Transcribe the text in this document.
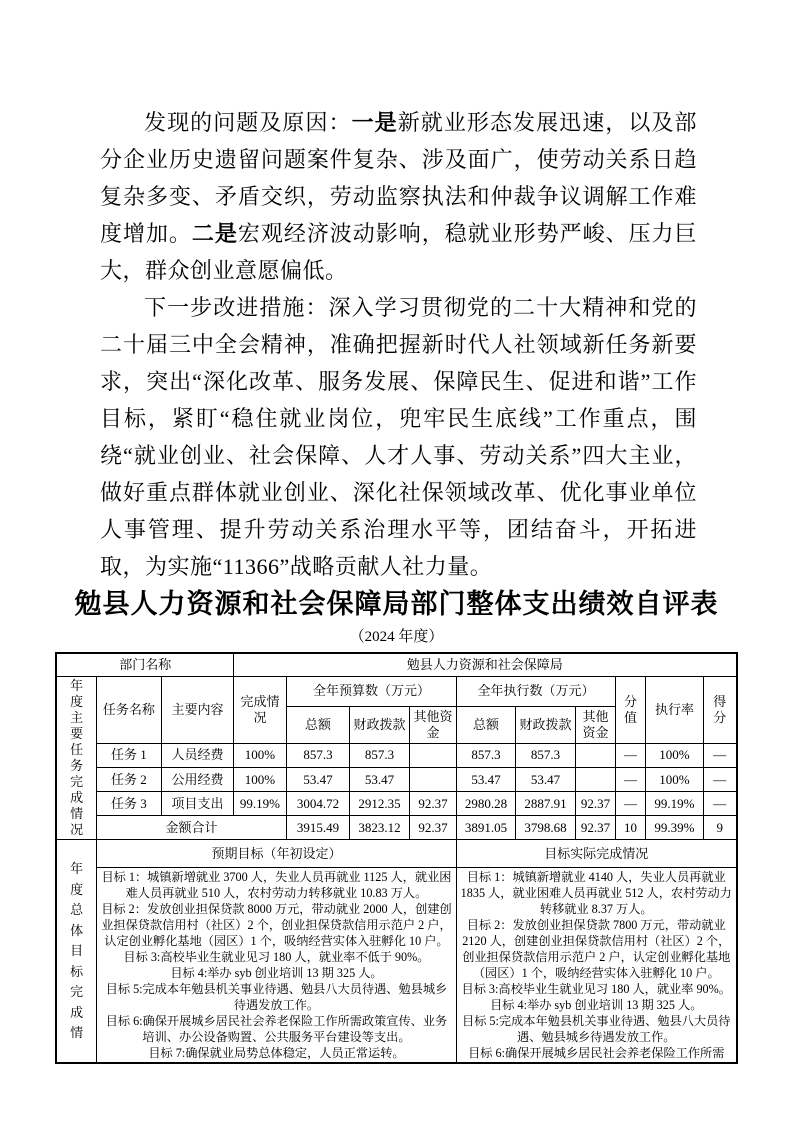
发现的问题及原因：一是新就业形态发展迅速，以及部分企业历史遗留问题案件复杂、涉及面广，使劳动关系日趋复杂多变、矛盾交织，劳动监察执法和仲裁争议调解工作难度增加。二是宏观经济波动影响，稳就业形势严峻、压力巨大，群众创业意愿偏低。

下一步改进措施：深入学习贯彻党的二十大精神和党的二十届三中全会精神，准确把握新时代人社领域新任务新要求，突出“深化改革、服务发展、保障民生、促进和谐”工作目标，紧盯“稳住就业岗位，兜牢民生底线”工作重点，围绕“就业创业、社会保障、人才人事、劳动关系”四大主业，做好重点群体就业创业、深化社保领域改革、优化事业单位人事管理、提升劳动关系治理水平等，团结奋斗，开拓进取，为实施“11366”战略贡献人社力量。

勉县人力资源和社会保障局部门整体支出绩效自评表
（2024 年度）
部门名称			勉县人力资源和社会保障局									

年度主要任务完成情况	任务名称	主要内容	完成情况	全年预算数（万元）			全年执行数（万元）			分值	执行率	得分
				总额	财政拨款	其他资金	总额	财政拨款	其他资金			
	任务 1	人员经费	100%	857.3	857.3		857.3	857.3		—	100%	—
	任务 2	公用经费	100%	53.47	53.47		53.47	53.47		—	100%	—
	任务 3	项目支出	99.19%	3004.72	2912.35	92.37	2980.28	2887.91	92.37	—	99.19%	—
	金额合计			3915.49	3823.12	92.37	3891.05	3798.68	92.37	10	99.39%	9

年度总体目标完成情	预期目标（年初设定）						目标实际完成情况					

目标 1：城镇新增就业 3700 人，失业人员再就业 1125 人，就业困难人员再就业 510 人，农村劳动力转移就业 10.83 万人。
目标 2：发放创业担保贷款 8000 万元，带动就业 2000 人，创建创业担保贷款信用村（社区）2 个，创业担保贷款信用示范户 2 户，认定创业孵化基地（园区）1 个，吸纳经营实体入驻孵化 10 户。
目标 3:高校毕业生就业见习 180 人，就业率不低于 90%。
目标 4:举办 syb 创业培训 13 期 325 人。
目标 5:完成本年勉县机关事业待遇、勉县八大员待遇、勉县城乡待遇发放工作。
目标 6:确保开展城乡居民社会养老保险工作所需政策宣传、业务培训、办公设备购置、公共服务平台建设等支出。
目标 7:确保就业局势总体稳定，人员正常运转。

目标 1：城镇新增就业 4140 人，失业人员再就业 1835 人，就业困难人员再就业 512 人，农村劳动力转移就业 8.37 万人。
目标 2：发放创业担保贷款 7800 万元，带动就业 2120 人，创建创业担保贷款信用村（社区）2 个，创业担保贷款信用示范户 2 户，认定创业孵化基地（园区）1 个，吸纳经营实体入驻孵化 10 户。
目标 3:高校毕业生就业见习 180 人，就业率 90%。
目标 4:举办 syb 创业培训 13 期 325 人。
目标 5:完成本年勉县机关事业待遇、勉县八大员待遇、勉县城乡待遇发放工作。
目标 6:确保开展城乡居民社会养老保险工作所需
